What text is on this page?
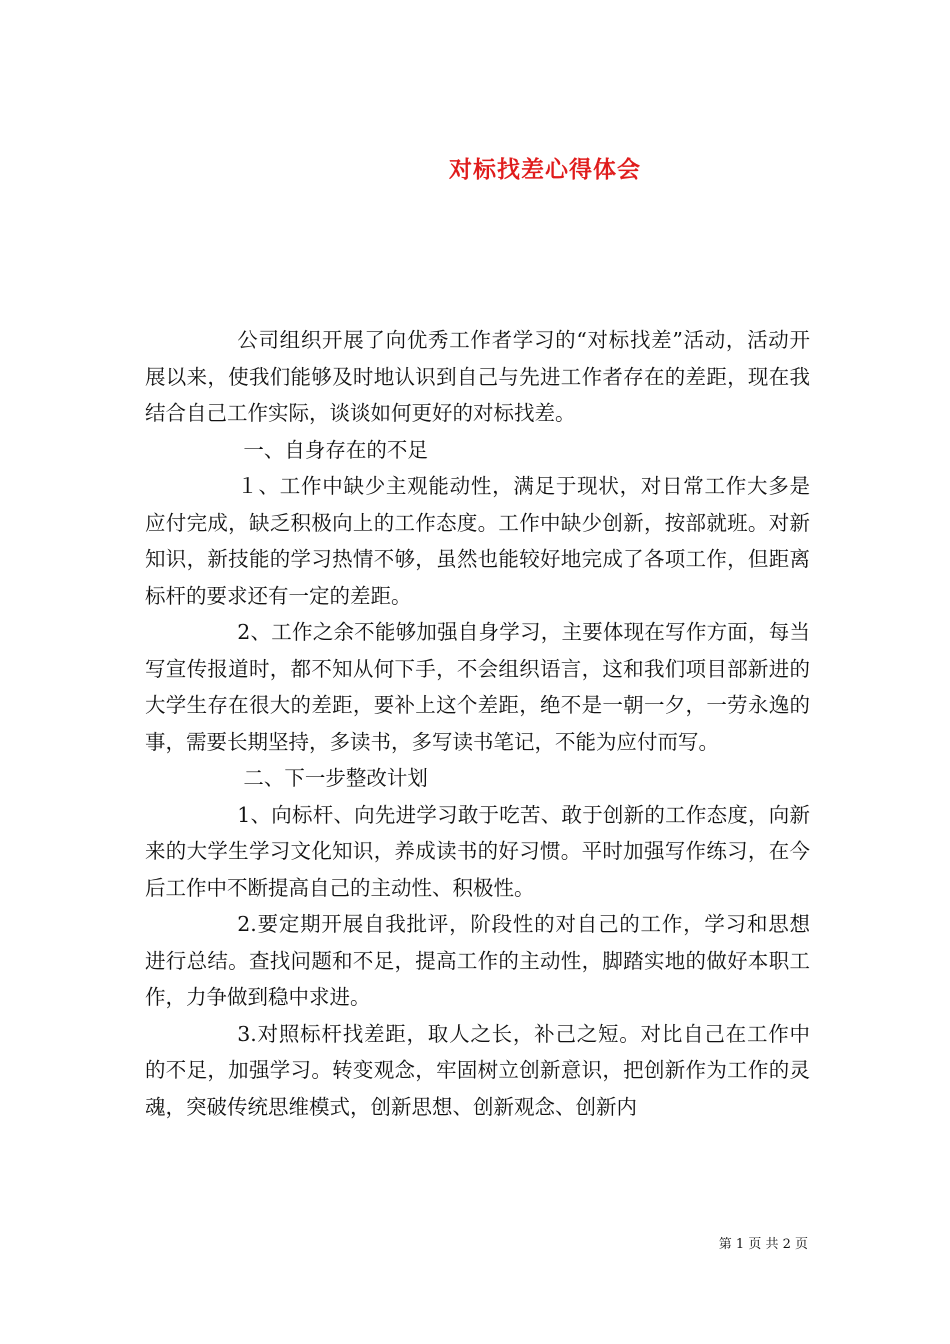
对标找差心得体会

公司组织开展了向优秀工作者学习的“对标找差”活动，活动开展以来，使我们能够及时地认识到自己与先进工作者存在的差距，现在我结合自己工作实际，谈谈如何更好的对标找差。

一、自身存在的不足

１、工作中缺少主观能动性，满足于现状，对日常工作大多是应付完成，缺乏积极向上的工作态度。工作中缺少创新，按部就班。对新知识，新技能的学习热情不够，虽然也能较好地完成了各项工作，但距离标杆的要求还有一定的差距。

2、工作之余不能够加强自身学习，主要体现在写作方面，每当写宣传报道时，都不知从何下手，不会组织语言，这和我们项目部新进的大学生存在很大的差距，要补上这个差距，绝不是一朝一夕，一劳永逸的事，需要长期坚持，多读书，多写读书笔记，不能为应付而写。

二、下一步整改计划

1、向标杆、向先进学习敢于吃苦、敢于创新的工作态度，向新来的大学生学习文化知识，养成读书的好习惯。平时加强写作练习，在今后工作中不断提高自己的主动性、积极性。

2.要定期开展自我批评，阶段性的对自己的工作，学习和思想进行总结。查找问题和不足，提高工作的主动性，脚踏实地的做好本职工作，力争做到稳中求进。

3.对照标杆找差距，取人之长，补己之短。对比自己在工作中的不足，加强学习。转变观念，牢固树立创新意识，把创新作为工作的灵魂，突破传统思维模式，创新思想、创新观念、创新内

第 1 页 共 2 页
